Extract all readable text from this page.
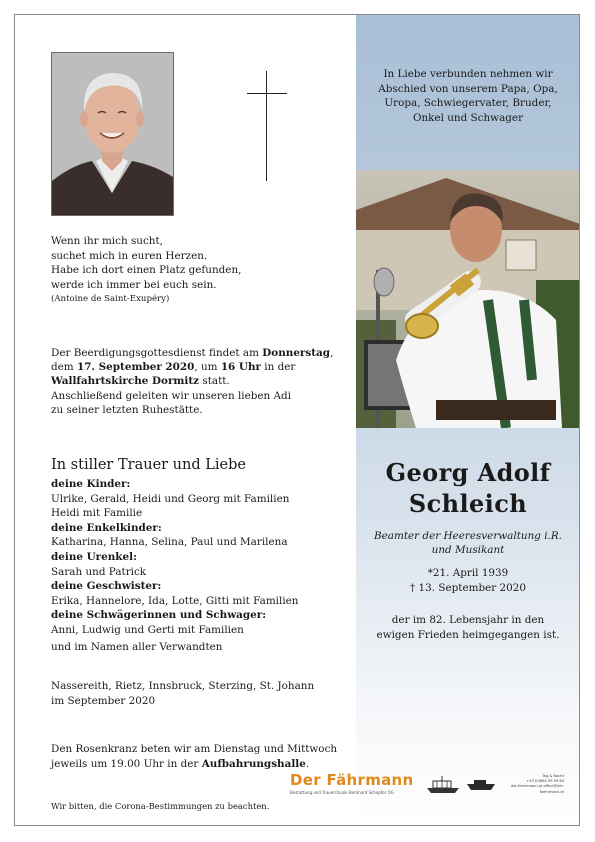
Wenn ihr mich sucht,
suchet mich in euren Herzen.
Habe ich dort einen Platz gefunden,
werde ich immer bei euch sein.
(Antoine de Saint-Exupéry)
Der Beerdigungsgottesdienst findet am Donnerstag,
dem 17. September 2020, um 16 Uhr in der
Wallfahrtskirche Dormitz statt.
Anschließend geleiten wir unseren lieben Adi
zu seiner letzten Ruhestätte.
In stiller Trauer und Liebe
deine Kinder:
Ulrike, Gerald, Heidi und Georg mit Familien
Heidi mit Familie
deine Enkelkinder:
Katharina, Hanna, Selina, Paul und Marilena
deine Urenkel:
Sarah und Patrick
deine Geschwister:
Erika, Hannelore, Ida, Lotte, Gitti mit Familien
deine Schwägerinnen und Schwager:
Anni, Ludwig und Gerti mit Familien
und im Namen aller Verwandten
Nassereith, Rietz, Innsbruck, Sterzing, St. Johann
im September 2020
Den Rosenkranz beten wir am Dienstag und Mittwoch
jeweils um 19.00 Uhr in der Aufbahrungshalle.
Wir bitten, die Corona-Bestimmungen zu beachten.
In Liebe verbunden nehmen wir
Abschied von unserem Papa, Opa,
Uropa, Schwiegervater, Bruder,
Onkel und Schwager
Georg Adolf
Schleich
Beamter der Heeresverwaltung i.R.
und Musikant
*21. April 1939
† 13. September 2020
der im 82. Lebensjahr in den
ewigen Frieden heimgegangen ist.
Der Fährmann
Bestattung und Trauerrituale Bernhard Schopfer OG
Tag & Nacht
+43 (0)664 99 99 60
der-faehrmann.at office@der-faehrmann.at
